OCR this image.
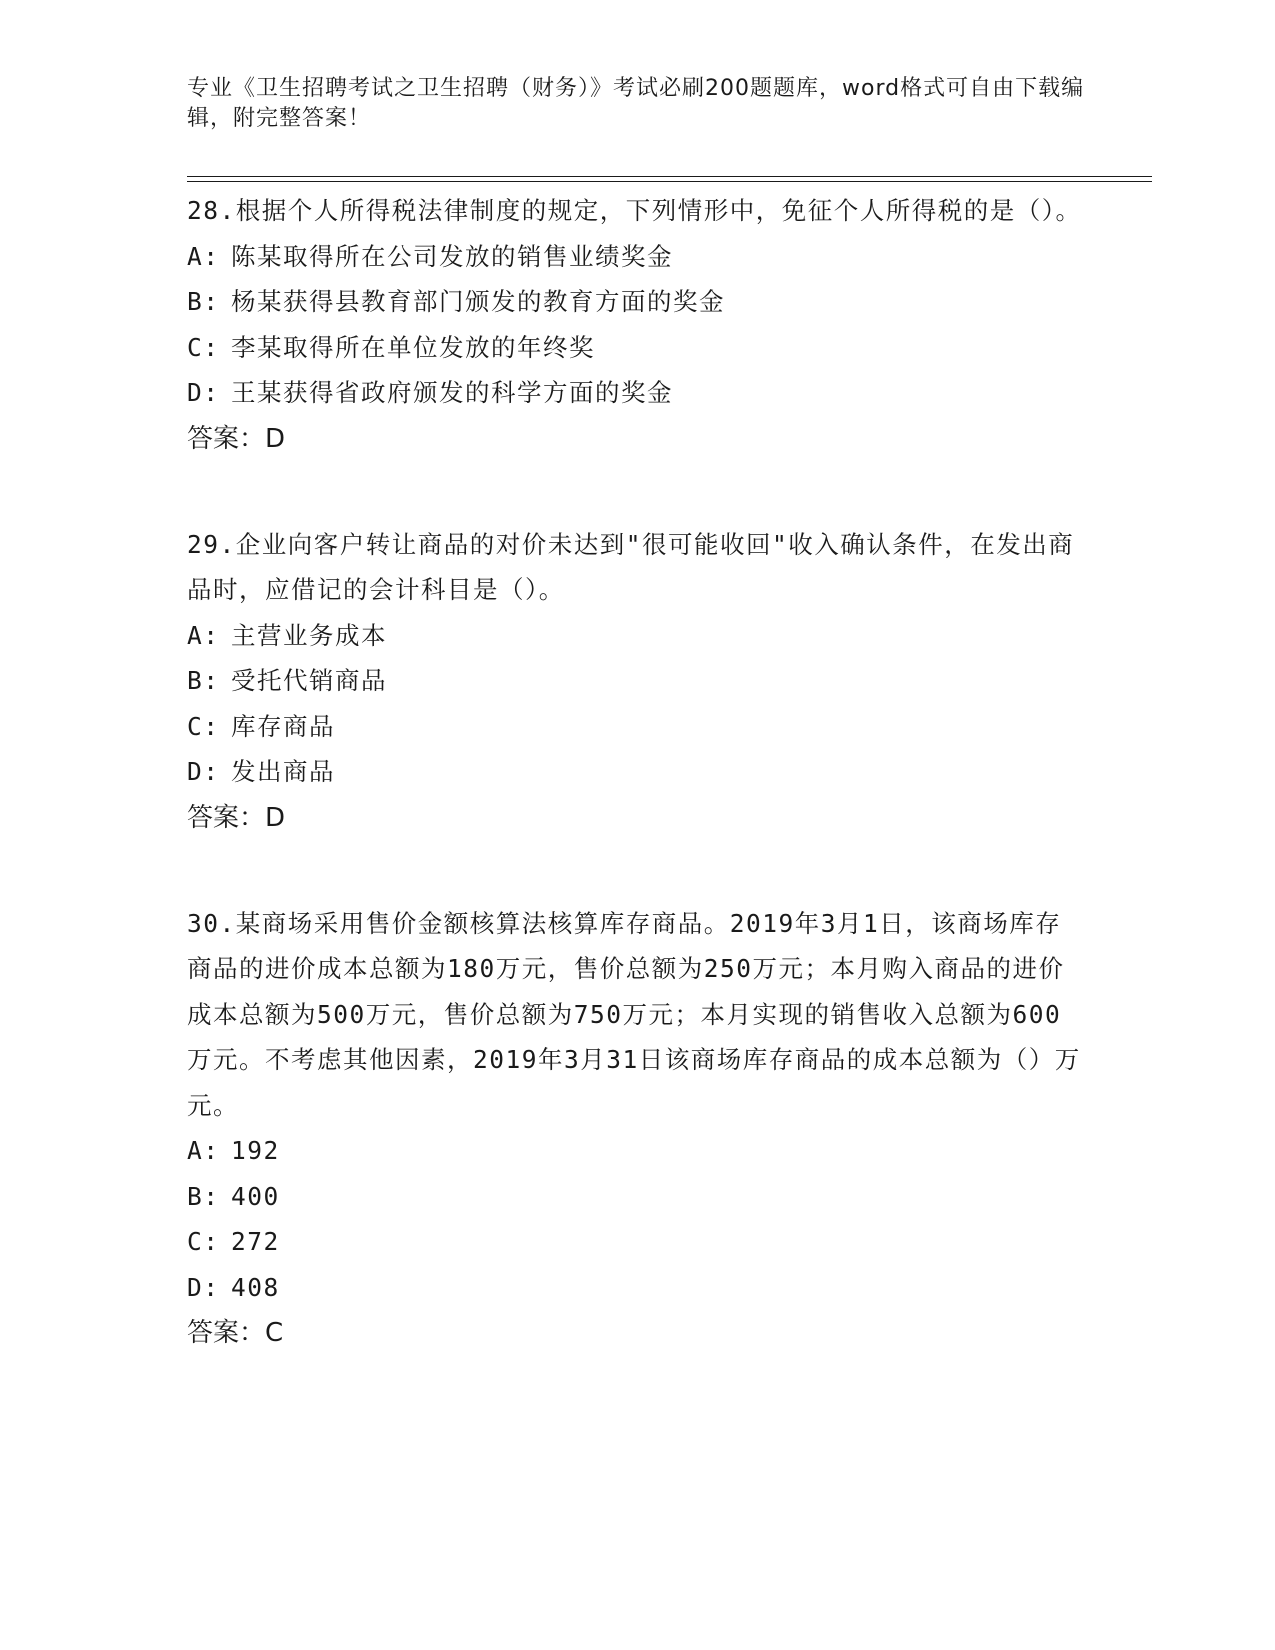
专业《卫生招聘考试之卫生招聘（财务）》考试必刷200题题库，word格式可自由下载编辑，附完整答案！

28.根据个人所得税法律制度的规定，下列情形中，免征个人所得税的是（）。

A: 陈某取得所在公司发放的销售业绩奖金

B: 杨某获得县教育部门颁发的教育方面的奖金

C: 李某取得所在单位发放的年终奖

D: 王某获得省政府颁发的科学方面的奖金

答案：D

29.企业向客户转让商品的对价未达到"很可能收回"收入确认条件，在发出商品时，应借记的会计科目是（）。

A: 主营业务成本

B: 受托代销商品

C: 库存商品

D: 发出商品

答案：D

30.某商场采用售价金额核算法核算库存商品。2019年3月1日，该商场库存商品的进价成本总额为180万元，售价总额为250万元；本月购入商品的进价成本总额为500万元，售价总额为750万元；本月实现的销售收入总额为600万元。不考虑其他因素，2019年3月31日该商场库存商品的成本总额为（）万元。

A: 192

B: 400

C: 272

D: 408

答案：C
